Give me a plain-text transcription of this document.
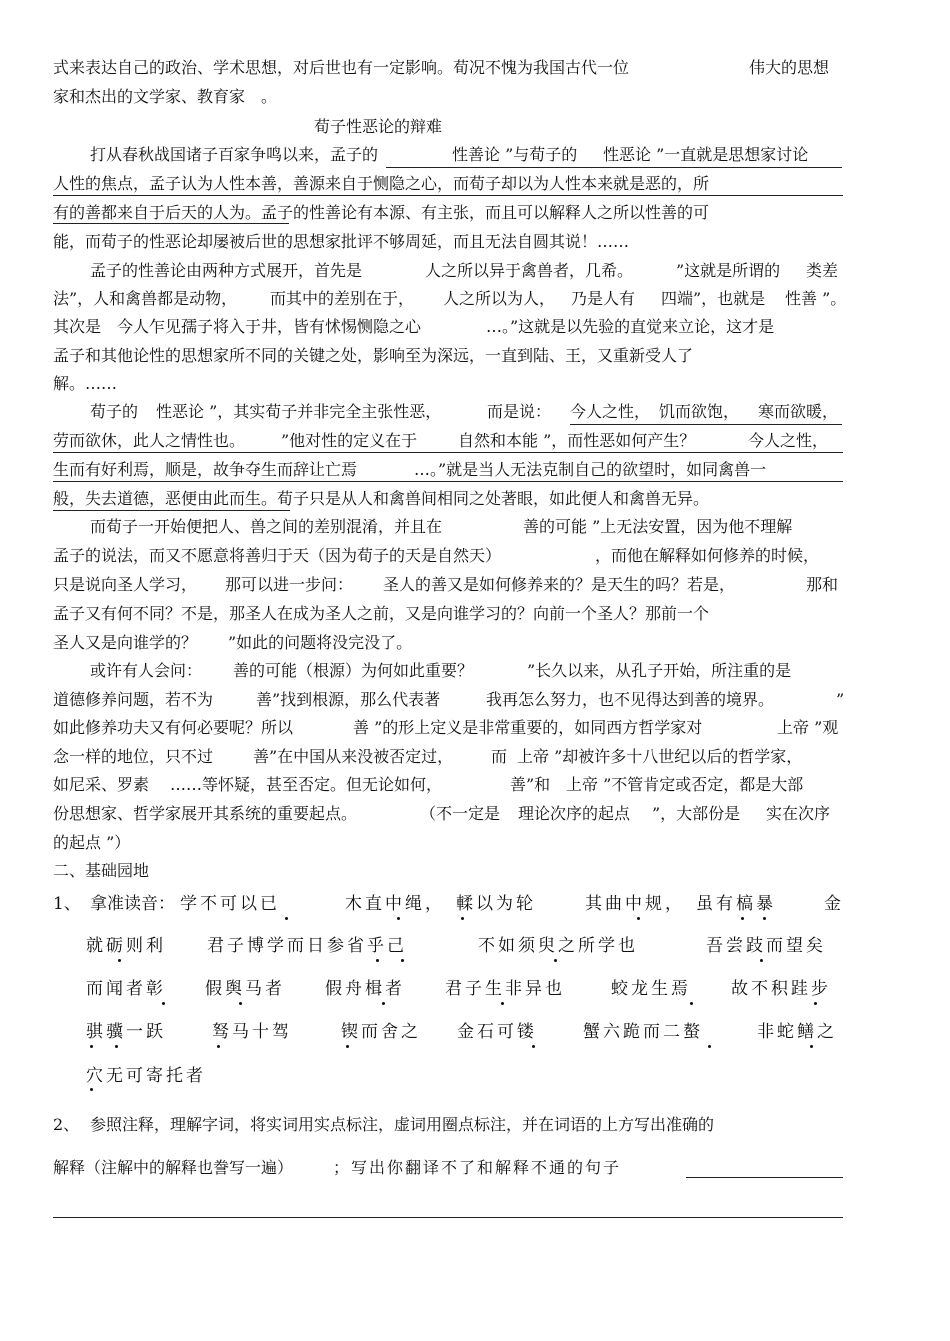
式来表达自己的政治、学术思想，对后世也有一定影响。荀况不愧为我国古代一位	伟大的思想
家和杰出的文学家、教育家　。
荀子性恶论的辩难
打从春秋战国诸子百家争鸣以来，孟子的	性善论 ”与荀子的 性恶论 ”一直就是思想家讨论
人性的焦点，孟子认为人性本善，善源来自于恻隐之心，而荀子却以为人性本来就是恶的，所
有的善都来自于后天的人为。孟子的性善论有本源、有主张，而且可以解释人之所以性善的可
能，而荀子的性恶论却屡被后世的思想家批评不够周延，而且无法自圆其说！……
孟子的性善论由两种方式展开，首先是	人之所以异于禽兽者，几希。	”这就是所谓的 类差
法”，人和禽兽都是动物， 而其中的差别在于， 人之所以为人， 乃是人有 四端”，也就是 性善 ”。
其次是 今人乍见孺子将入于井，皆有怵惕恻隐之心	…。”这就是以先验的直觉来立论，这才是
孟子和其他论性的思想家所不同的关键之处，影响至为深远，一直到陆、王，又重新受人了
解。……
荀子的 性恶论 ”，其实荀子并非完全主张性恶，	而是说： 今人之性， 饥而欲饱， 寒而欲暖，
劳而欲休，此人之情性也。 ”他对性的定义在于	自然和本能 ”，而性恶如何产生？	今人之性，
生而有好利焉，顺是，故争夺生而辞让亡焉	…。”就是当人无法克制自己的欲望时，如同禽兽一
般，失去道德，恶便由此而生。荀子只是从人和禽兽间相同之处著眼，如此便人和禽兽无异。
而荀子一开始便把人、兽之间的差别混淆，并且在	善的可能 ”上无法安置，因为他不理解
孟子的说法，而又不愿意将善归于天（因为荀子的天是自然天）	，而他在解释如何修养的时候，
只是说向圣人学习， 那可以进一步问： 圣人的善又是如何修养来的？是天生的吗？若是，	那和
孟子又有何不同？不是，那圣人在成为圣人之前，又是向谁学习的？向前一个圣人？那前一个
圣人又是向谁学的？ ”如此的问题将没完没了。
或许有人会问： 善的可能（根源）为何如此重要？	”长久以来，从孔子开始，所注重的是
道德修养问题，若不为	善”找到根源，那么代表著	我再怎么努力，也不见得达到善的境界。	”
如此修养功夫又有何必要呢？所以	善 ”的形上定义是非常重要的，如同西方哲学家对	上帝 ”观
念一样的地位，只不过 善”在中国从来没被否定过， 而 上帝 ”却被许多十八世纪以后的哲学家，
如尼采、罗素 ……等怀疑，甚至否定。但无论如何，	善”和 上帝 ”不管肯定或否定，都是大部
份思想家、哲学家展开其系统的重要起点。	（不一定是 理论次序的起点 ”，大部份是 实在次序
的起点 ”）
二、基础园地
1、 拿准读音： 学不可以已	木直中绳， 輮以为轮	其曲中规， 虽有槁暴	金
就砺则利 君子博学而日参省乎己	不如须臾之所学也	吾尝跂而望矣
而闻者彰 假舆马者 假舟楫者 君子生非异也	蛟龙生焉 故不积跬步
骐骥一跃	驽马十驾	锲而舍之 金石可镂	蟹六跪而二螯	非蛇鳝之
穴无可寄托者
2、 参照注释，理解字词，将实词用实点标注，虚词用圈点标注，并在词语的上方写出准确的
解释（注解中的解释也誊写一遍） ；写出你翻译不了和解释不通的句子
